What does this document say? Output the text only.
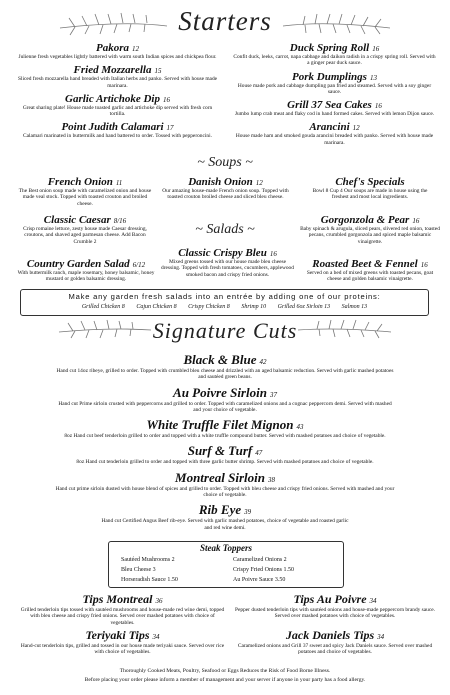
Starters
Pakora 12
Julienne fresh vegetables lightly battered with warm south Indian spices and chickpea flour.
Fried Mozzarella 15
Sliced fresh mozzarella hand breaded with Italian herbs and panko. Served with house made marinara.
Garlic Artichoke Dip 16
Great sharing plate! House made toasted garlic and artichoke dip served with fresh corn tortilla.
Point Judith Calamari 17
Calamari marinated in buttermilk and hand battered to order. Tossed with pepperoncini.
Duck Spring Roll 16
Confit duck, leeks, carrot, napa cabbage and daikon radish in a crispy spring roll. Served with a ginger pear duck sauce.
Pork Dumplings 13
House made pork and cabbage dumpling pan fried and steamed. Served with a soy ginger sauce.
Grill 37 Sea Cakes 16
Jumbo lump crab meat and flaky cod in hand formed cakes. Served with lemon Dijon sauce.
Arancini 12
House made ham and smoked gouda arancini breaded with panko. Served with house made marinara.
~ Soups ~
French Onion 11
The Best onion soup made with caramelized onion and house made veal stock. Topped with toasted crouton and broiled cheese.
Danish Onion 12
Our amazing house-made French onion soup. Topped with toasted crouton broiled cheese and sliced bleu cheese.
Chef's Specials
Bowl 8 Cup 4 Our soups are made in house using the freshest and most local ingredients.
~ Salads ~
Classic Caesar 8/16
Crisp romaine lettuce, zesty house made Caesar dressing, croutons, and shaved aged parmesan cheese. Add Bacon Crumble 2
Country Garden Salad 6/12
With buttermilk ranch, maple rosemary, honey balsamic, honey mustard or golden balsamic dressing.
Classic Crispy Bleu 16
Mixed greens tossed with our house made bleu cheese dressing. Topped with fresh tomatoes, cucumbers, applewood smoked bacon and crispy fried onions.
Gorgonzola & Pear 16
Baby spinach & arugula, sliced pears, slivered red onion, toasted pecans, crumbled gorgonzola and spiced maple balsamic vinaigrette.
Roasted Beet & Fennel 16
Served on a bed of mixed greens with toasted pecans, goat cheese and golden balsamic vinaigrette.
Make any garden fresh salads into an entrée by adding one of our proteins:
Grilled Chicken 8 Cajun Chicken 8 Crispy Chicken 8 Shrimp 10 Grilled 6oz Sirloin 13 Salmon 13
Signature Cuts
Black & Blue 42
Hand cut 14oz ribeye, grilled to order. Topped with crumbled bleu cheese and drizzled with an aged balsamic reduction. Served with garlic mashed potatoes and sautéed green beans.
Au Poivre Sirloin 37
Hand cut Prime sirloin crusted with peppercorns and grilled to order. Topped with caramelized onions and a cognac peppercorn demi. Served with mashed and your choice of vegetable.
White Truffle Filet Mignon 43
8oz Hand cut beef tenderloin grilled to order and topped with a white truffle compound butter. Served with mashed potatoes and choice of vegetable.
Surf & Turf 47
8oz Hand cut tenderloin grilled to order and topped with three garlic butter shrimp. Served with mashed potatoes and choice of vegetable.
Montreal Sirloin 38
Hand cut prime sirloin dusted with house blend of spices and grilled to order. Topped with bleu cheese and crispy fried onions. Served with mashed and your choice of vegetable.
Rib Eye 39
Hand cut Certified Angus Beef rib-eye. Served with garlic mashed potatoes, choice of vegetable and roasted garlic and red wine demi.
Steak Toppers
Sautéed Mushrooms 2
Bleu Cheese 3
Horseradish Sauce 1.50
Caramelized Onions 2
Crispy Fried Onions 1.50
Au Poivre Sauce 3.50
Tips Montreal 36
Grilled tenderloin tips tossed with sautéed mushrooms and house-made red wine demi, topped with bleu cheese and crispy fried onions. Served over mashed potatoes with choice of vegetables.
Tips Au Poivre 34
Pepper dusted tenderloin tips with sautéed onions and house-made peppercorn brandy sauce. Served over mashed potatoes with choice of vegetables.
Teriyaki Tips 34
Hand-cut tenderloin tips, grilled and tossed in our house made teriyaki sauce. Served over rice with choice of vegetables.
Jack Daniels Tips 34
Caramelized onions and Grill 37 sweet and spicy Jack Daniels sauce. Served over mashed potatoes and choice of vegetables.
Thoroughly Cooked Meats, Poultry, Seafood or Eggs Reduces the Risk of Food Borne Illness.
Before placing your order please inform a member of management and your server if anyone in your party has a food allergy.
